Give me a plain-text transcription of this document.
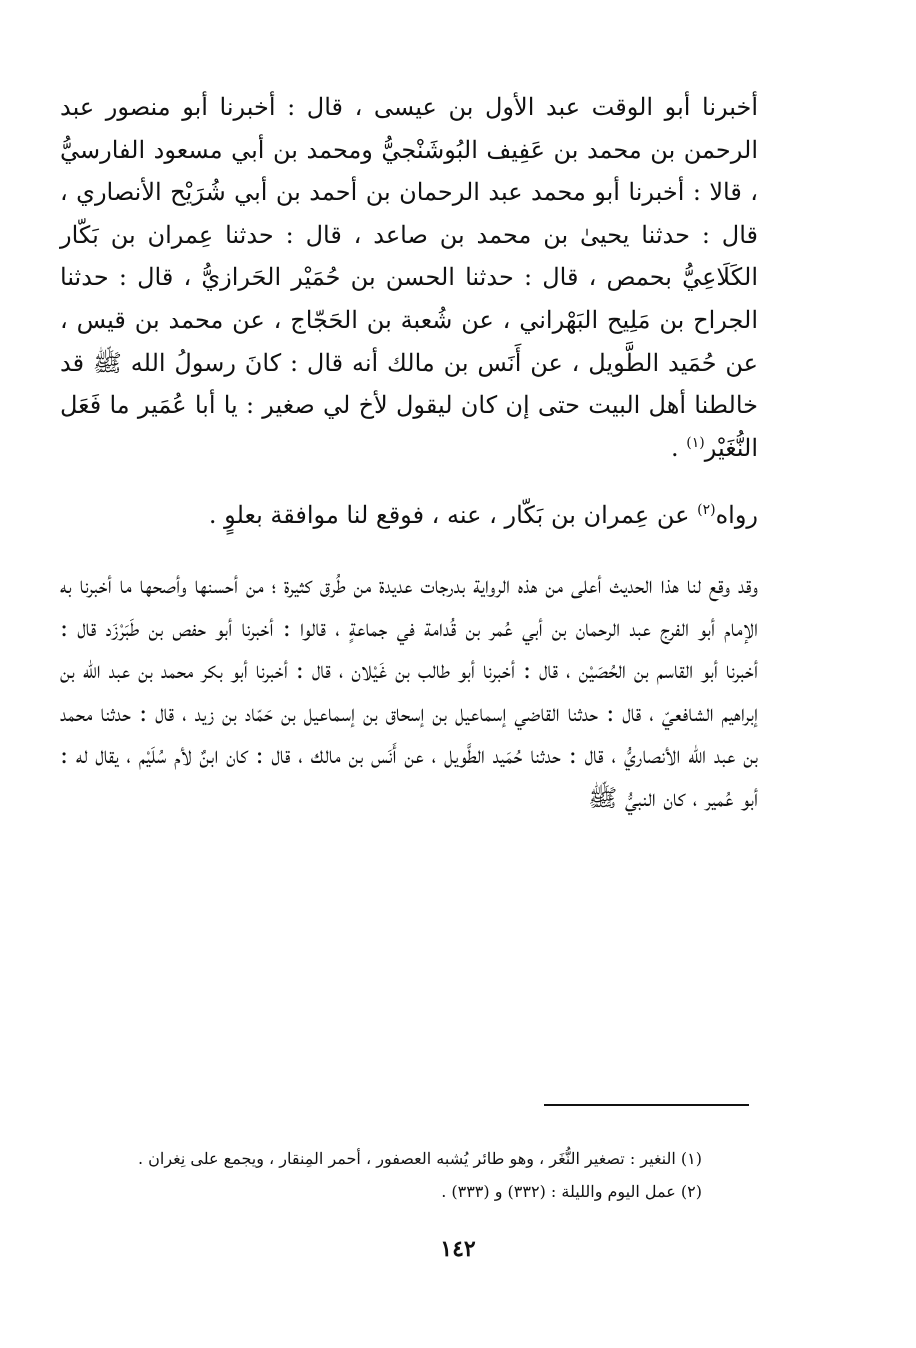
أخبرنا أبو الوقت عبد الأول بن عيسى ، قال : أخبرنا أبو منصور عبد الرحمن بن محمد بن عَفِيف البُوشَنْجيُّ ومحمد بن أبي مسعود الفارسيُّ ، قالا : أخبرنا أبو محمد عبد الرحمان بن أحمد بن أبي شُرَيْح الأنصاري ، قال : حدثنا يحيىٰ بن محمد بن صاعد ، قال : حدثنا عِمران بن بَكّار الكَلَاعِيُّ بحمص ، قال : حدثنا الحسن بن حُمَيْر الحَرازيُّ ، قال : حدثنا الجراح بن مَلِيح البَهْراني ، عن شُعبة بن الحَجّاج ، عن محمد بن قيس ، عن حُمَيد الطَّويل ، عن أَنَس بن مالك أنه قال : كانَ رسولُ الله ﷺ قد خالطنا أهل البيت حتى إن كان ليقول لأخ لي صغير : يا أبا عُمَير ما فَعَل النُّغَيْر$^{(١)}$ .

رواه$^{(٢)}$ عن عِمران بن بَكّار ، عنه ، فوقع لنا موافقة بعلوٍ .

وقد وقع لنا هذا الحديث أعلى من هذه الرواية بدرجات عديدة من طُرق كثيرة ؛ من أحسنها وأصحها ما أخبرنا به الإمام أبو الفرج عبد الرحمان بن أبي عُمر بن قُدامة في جماعةٍ ، قالوا : أخبرنا أبو حفص بن طَبَرْزَد قال : أخبرنا أبو القاسم بن الحُصَيْن ، قال : أخبرنا أبو طالب بن غَيْلان ، قال : أخبرنا أبو بكر محمد بن عبد الله بن إبراهيم الشافعيّ ، قال : حدثنا القاضي إسماعيل بن إسحاق بن إسماعيل بن حَمّاد بن زيد ، قال : حدثنا محمد بن عبد الله الأنصاريُّ ، قال : حدثنا حُمَيد الطَّويل ، عن أَنَس بن مالك ، قال : كان ابنٌ لأم سُلَيْم ، يقال له : أبو عُمير ، كان النبيُّ ﷺ

(١) النغير : تصغير النُّغَر ، وهو طائر يُشبه العصفور ، أحمر المِنقار ، ويجمع على نِغران .

(٢) عمل اليوم والليلة : (٣٣٢) و (٣٣٣) .

١٤٢
